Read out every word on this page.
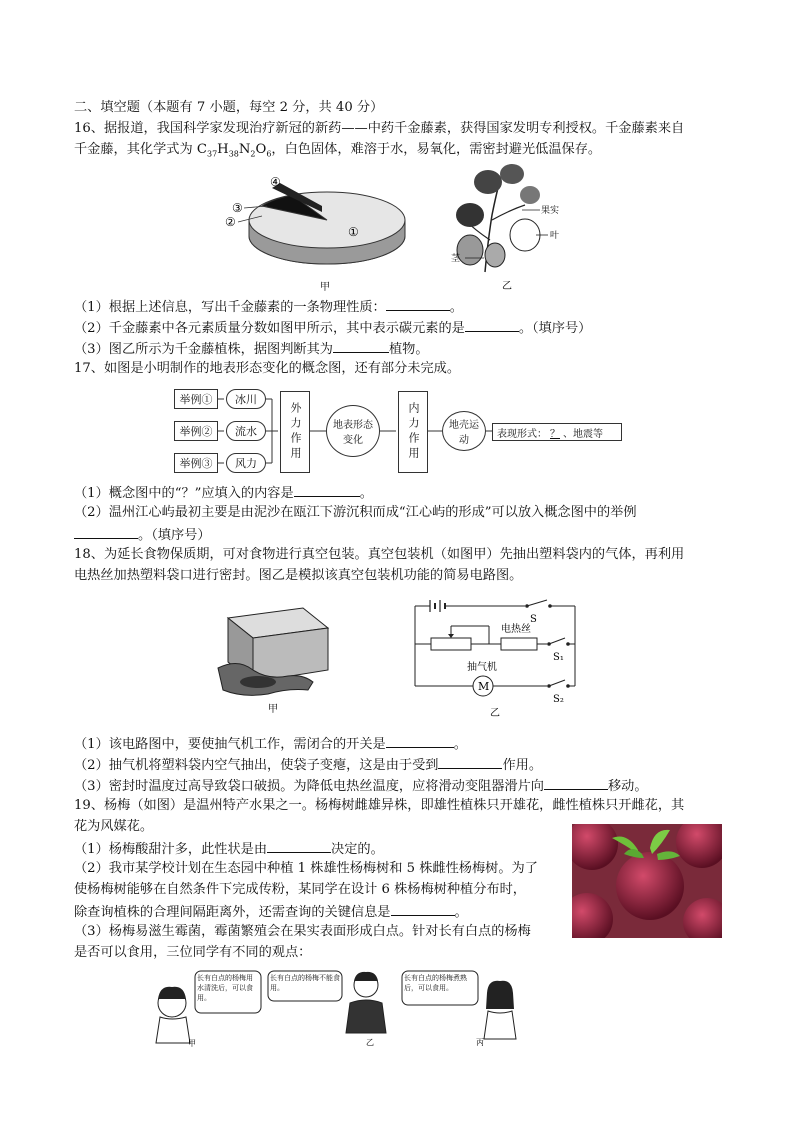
二、填空题（本题有 7 小题，每空 2 分，共 40 分）
16、据报道，我国科学家发现治疗新冠的新药——中药千金藤素，获得国家发明专利授权。千金藤素来自
千金藤，其化学式为 $C_{37}H_{38}N_2O_6$，白色固体，难溶于水，易氧化，需密封避光低温保存。
①
②
③
④
甲
果实
叶
茎
乙
（1）根据上述信息，写出千金藤素的一条物理性质：	。
（2）千金藤素中各元素质量分数如图甲所示，其中表示碳元素的是	。（填序号）
（3）图乙所示为千金藤植株，据图判断其为	植物。
17、如图是小明制作的地表形态变化的概念图，还有部分未完成。
举例①
举例②
举例③
冰川
流水
风力
外力作用	地表形态变化	内力作用	地壳运动
表现形式： ？ 、地震等
（1）概念图中的“？”应填入的内容是	。
（2）温州江心屿最初主要是由泥沙在瓯江下游沉积而成“江心屿的形成”可以放入概念图中的举例
。（填序号）
18、为延长食物保质期，可对食物进行真空包装。真空包装机（如图甲）先抽出塑料袋内的气体，再利用
电热丝加热塑料袋口进行密封。图乙是模拟该真空包装机功能的简易电路图。
甲
S
电热丝
S₁
抽气机
M
S₂
乙
（1）该电路图中，要使抽气机工作，需闭合的开关是	。
（2）抽气机将塑料袋内空气抽出，使袋子变瘪，这是由于受到	作用。
（3）密封时温度过高导致袋口破损。为降低电热丝温度，应将滑动变阻器滑片向	移动。
19、杨梅（如图）是温州特产水果之一。杨梅树雌雄异株，即雄性植株只开雄花，雌性植株只开雌花，其
花为风媒花。
（1）杨梅酸甜汁多，此性状是由	决定的。
（2）我市某学校计划在生态园中种植 1 株雄性杨梅树和 5 株雌性杨梅树。为了
使杨梅树能够在自然条件下完成传粉，某同学在设计 6 株杨梅树种植分布时，
除查询植株的合理间隔距离外，还需查询的关键信息是	。
（3）杨梅易滋生霉菌，霉菌繁殖会在果实表面形成白点。针对长有白点的杨梅
是否可以食用，三位同学有不同的观点：
甲
长有白点的杨梅用水清洗后，可以食用。
长有白点的杨梅不能食用。
乙
长有白点的杨梅煮熟后，可以食用。
丙
